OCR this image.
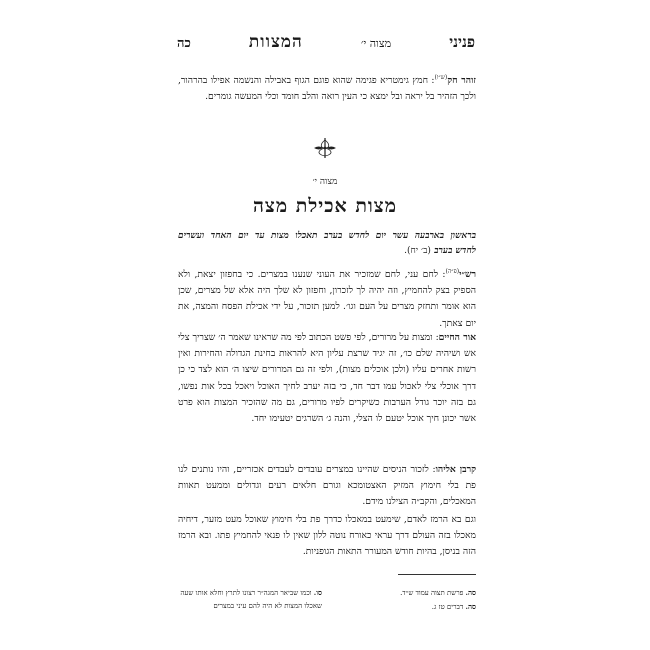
פניני
מצוה י׳
המצוות
כה

זוהר חק$^{(ש״ו)}$: חמץ גימטריא פגימה שהוא פוגם הגוף באבילה והנשמה אפילו בהרהור, ולכך הזהיר בל יראה ובל ימצא כי העין רואה והלב חומד וכלי המעשה גומרים.

מצוה י׳
מצות אכילת מצה

בראשון בארבעה עשר יום לחדש בערב תאכלו מצות עד יום האחד ועשרים

לחדש בערב (ב׳ יח).

רש״י$^{(פ״ה)}$: לחם עני, לחם שמזכיר את העוני שנענו במצרים. כי בחפזון יצאת, ולא הספיק בצק להחמיץ, וזה יהיה לך לזכרון, וחפזון לא שלך היה אלא של מצרים, שכן הוא אומר ותחזק מצרים על העם וגו׳. למען תזכור, על ידי אכילת הפסח והמצה, את יום צאתך.

אור החיים: ומצות על מרורים, לפי פשט הכתוב לפי מה שראינו שאמר ה׳ שצריך צלי אש ושיהיה שלם כו׳, זה יגיד שרצת עליון היא להראות בחינת הגדולה והחירות ואין רשות אחרים עליו (ולכן אוכלים מצות), ולפי זה גם המרורים שיצו ה׳ הוא לצד כי כן דרך אוכלי צלי לאכול עמו דבר חד, כי בזה יערב לחיך האוכל ויאכל בכל אות נפשו, גם בזה יוכר גודל הערבות כשיקרים לפיו מרורים, גם מה שהזכיר המצות הוא פרט אשר יכונן חיך אוכל יטעם לו הצלי, והנה ג׳ השרגים יטעימו יחד.

קרבן אליהו: לזכור הניסים שהיינו במצרים עובדים לעבדים אכזריים, והיו נותנים לנו פת בלי חימוץ המזיק האצטומכא וגורם חלאים רעים וגדולים וממעט תאוות המאכלים, והקב״ה הצילנו מידם.

וגם בא הרמז לאדם, שימעט במאכלו כדרך פת בלי חימוץ שאוכל מעט מזער, דיחיה מאכלו בזה העולם דרך עראי כאורח נוטה ללון שאין לו פנאי להחמיץ פתו. ובא הרמז הזה בניסן, בהיות חודש המעורר התאות הגופניות.

סה. פרשת תצוה עמוד ש״ד.

סה. דברים טז ג.

סו. וכמו שביאר המגה״ר רצונו לתרץ וחלא אותו שעה שאכלו המצות לא היה להם עיני במצרים
